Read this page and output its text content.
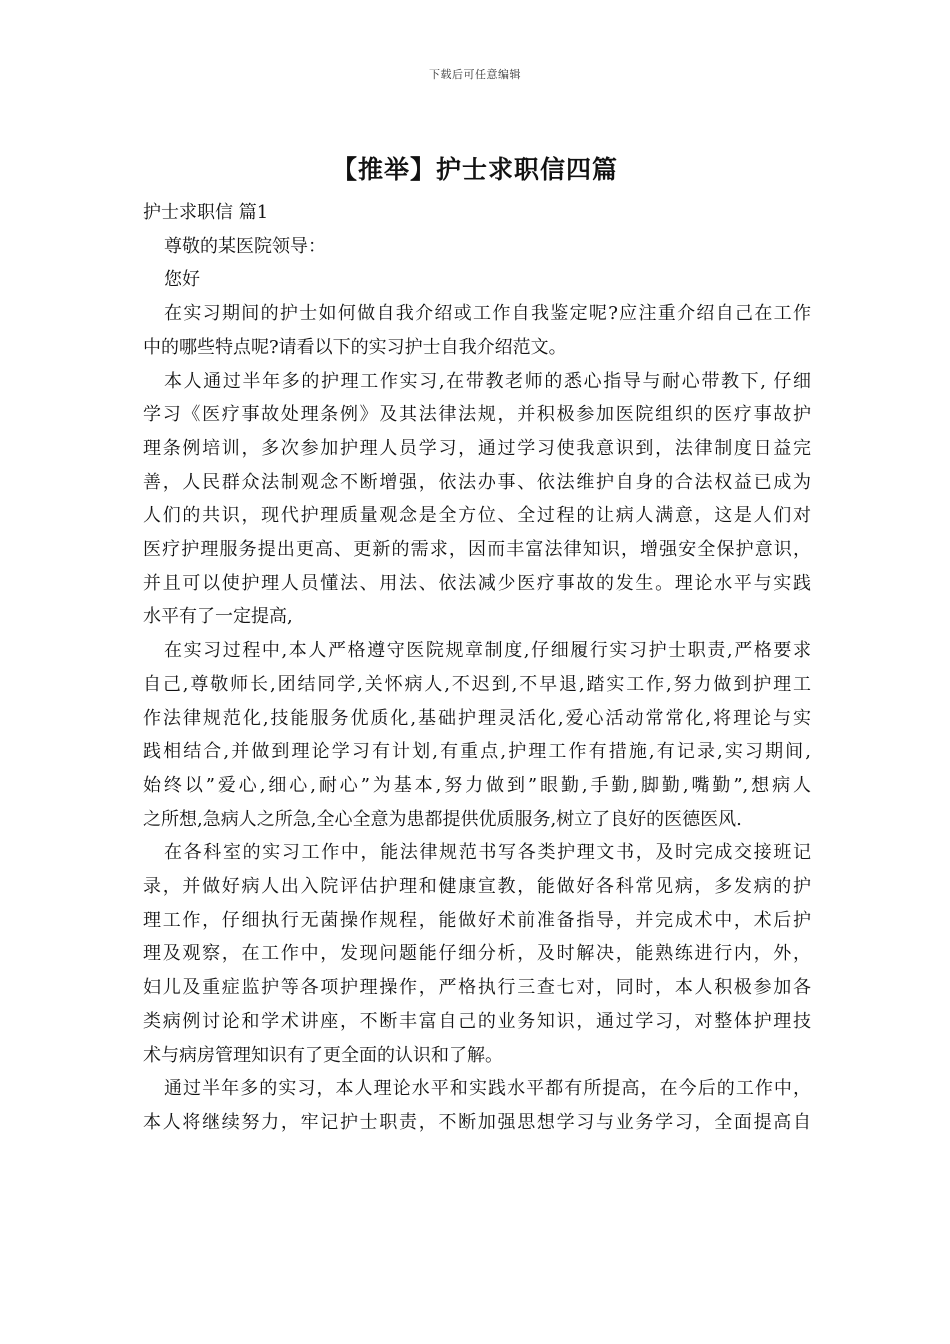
下载后可任意编辑
【推举】护士求职信四篇

护士求职信 篇1

尊敬的某医院领导：

您好

在实习期间的护士如何做自我介绍或工作自我鉴定呢?应注重介绍自己在工作

中的哪些特点呢?请看以下的实习护士自我介绍范文。

本人通过半年多的护理工作实习,在带教老师的悉心指导与耐心带教下, 仔细

学习《医疗事故处理条例》及其法律法规，并积极参加医院组织的医疗事故护

理条例培训，多次参加护理人员学习，通过学习使我意识到，法律制度日益完

善，人民群众法制观念不断增强，依法办事、依法维护自身的合法权益已成为

人们的共识，现代护理质量观念是全方位、全过程的让病人满意，这是人们对

医疗护理服务提出更高、更新的需求，因而丰富法律知识，增强安全保护意识，

并且可以使护理人员懂法、用法、依法减少医疗事故的发生。理论水平与实践

水平有了一定提高,

在实习过程中,本人严格遵守医院规章制度,仔细履行实习护士职责,严格要求

自己,尊敬师长,团结同学,关怀病人,不迟到,不早退,踏实工作,努力做到护理工

作法律规范化,技能服务优质化,基础护理灵活化,爱心活动常常化,将理论与实

践相结合,并做到理论学习有计划,有重点,护理工作有措施,有记录,实习期间,

始终以”爱心,细心,耐心”为基本,努力做到”眼勤,手勤,脚勤,嘴勤”,想病人

之所想,急病人之所急,全心全意为患都提供优质服务,树立了良好的医德医风.

在各科室的实习工作中，能法律规范书写各类护理文书，及时完成交接班记

录，并做好病人出入院评估护理和健康宣教，能做好各科常见病，多发病的护

理工作，仔细执行无菌操作规程，能做好术前准备指导，并完成术中，术后护

理及观察，在工作中，发现问题能仔细分析，及时解决，能熟练进行内，外，

妇儿及重症监护等各项护理操作，严格执行三查七对，同时，本人积极参加各

类病例讨论和学术讲座，不断丰富自己的业务知识，通过学习，对整体护理技

术与病房管理知识有了更全面的认识和了解。

通过半年多的实习，本人理论水平和实践水平都有所提高，在今后的工作中，

本人将继续努力，牢记护士职责，不断加强思想学习与业务学习，全面提高自
